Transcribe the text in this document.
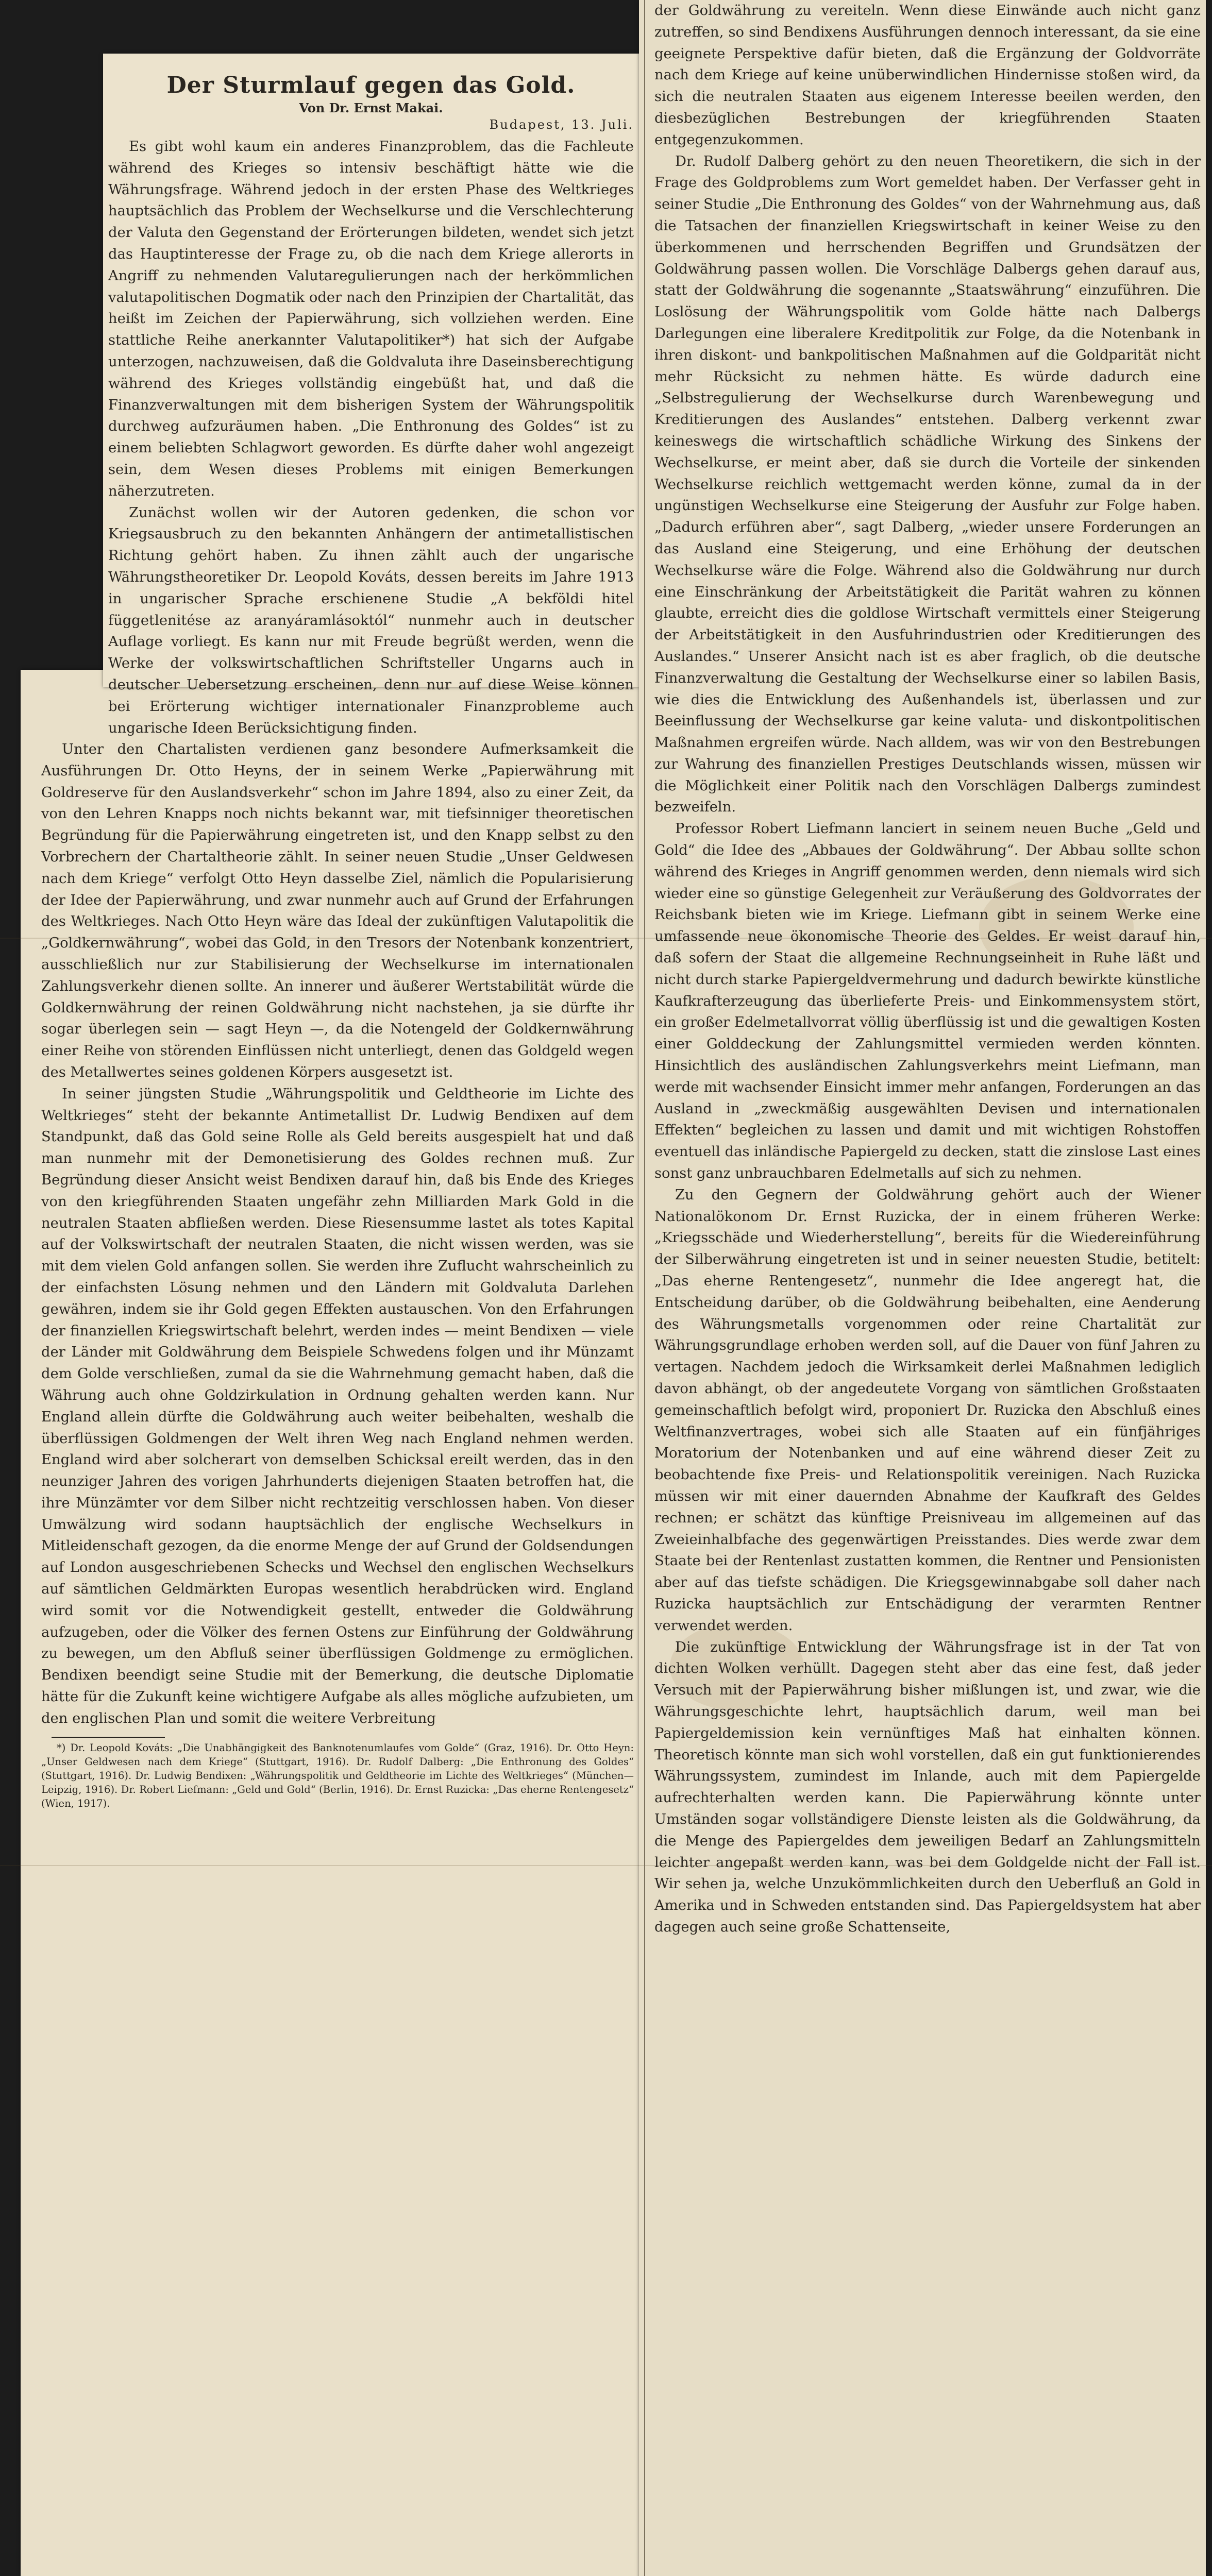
Der Sturmlauf gegen das Gold.
Von Dr. Ernst Makai.
Budapest, 13. Juli.

Es gibt wohl kaum ein anderes Finanzproblem, das die Fachleute während des Krieges so intensiv beschäftigt hätte wie die Währungsfrage. Während jedoch in der ersten Phase des Weltkrieges hauptsächlich das Problem der Wechselkurse und die Verschlechterung der Valuta den Gegenstand der Erörterungen bildeten, wendet sich jetzt das Hauptinteresse der Frage zu, ob die nach dem Kriege allerorts in Angriff zu nehmenden Valutaregulierungen nach der herkömmlichen valutapolitischen Dogmatik oder nach den Prinzipien der Chartalität, das heißt im Zeichen der Papierwährung, sich vollziehen werden. Eine stattliche Reihe anerkannter Valutapolitiker*) hat sich der Aufgabe unterzogen, nachzuweisen, daß die Goldvaluta ihre Daseinsberechtigung während des Krieges vollständig eingebüßt hat, und daß die Finanzverwaltungen mit dem bisherigen System der Währungspolitik durchweg aufzuräumen haben. „Die Enthronung des Goldes“ ist zu einem beliebten Schlagwort geworden. Es dürfte daher wohl angezeigt sein, dem Wesen dieses Problems mit einigen Bemerkungen näherzutreten.

Zunächst wollen wir der Autoren gedenken, die schon vor Kriegsausbruch zu den bekannten Anhängern der antimetallistischen Richtung gehört haben. Zu ihnen zählt auch der ungarische Währungstheoretiker Dr. Leopold Kováts, dessen bereits im Jahre 1913 in ungarischer Sprache erschienene Studie „A bekföldi hitel függetlenitése az aranyáramlásoktól“ nunmehr auch in deutscher Auflage vorliegt. Es kann nur mit Freude begrüßt werden, wenn die Werke der volkswirtschaftlichen Schriftsteller Ungarns auch in deutscher Uebersetzung erscheinen, denn nur auf diese Weise können bei Erörterung wichtiger internationaler Finanzprobleme auch ungarische Ideen Berücksichtigung finden.

Unter den Chartalisten verdienen ganz besondere Aufmerksamkeit die Ausführungen Dr. Otto Heyns, der in seinem Werke „Papierwährung mit Goldreserve für den Auslandsverkehr“ schon im Jahre 1894, also zu einer Zeit, da von den Lehren Knapps noch nichts bekannt war, mit tiefsinniger theoretischen Begründung für die Papierwährung eingetreten ist, und den Knapp selbst zu den Vorbrechern der Chartaltheorie zählt. In seiner neuen Studie „Unser Geldwesen nach dem Kriege“ verfolgt Otto Heyn dasselbe Ziel, nämlich die Popularisierung der Idee der Papierwährung, und zwar nunmehr auch auf Grund der Erfahrungen des Weltkrieges. Nach Otto Heyn wäre das Ideal der zukünftigen Valutapolitik die „Goldkernwährung“, wobei das Gold, in den Tresors der Notenbank konzentriert, ausschließlich nur zur Stabilisierung der Wechselkurse im internationalen Zahlungsverkehr dienen sollte. An innerer und äußerer Wertstabilität würde die Goldkernwährung der reinen Goldwährung nicht nachstehen, ja sie dürfte ihr sogar überlegen sein — sagt Heyn —, da die Notengeld der Goldkernwährung einer Reihe von störenden Einflüssen nicht unterliegt, denen das Goldgeld wegen des Metallwertes seines goldenen Körpers ausgesetzt ist.

In seiner jüngsten Studie „Währungspolitik und Geldtheorie im Lichte des Weltkrieges“ steht der bekannte Antimetallist Dr. Ludwig Bendixen auf dem Standpunkt, daß das Gold seine Rolle als Geld bereits ausgespielt hat und daß man nunmehr mit der Demonetisierung des Goldes rechnen muß. Zur Begründung dieser Ansicht weist Bendixen darauf hin, daß bis Ende des Krieges von den kriegführenden Staaten ungefähr zehn Milliarden Mark Gold in die neutralen Staaten abfließen werden. Diese Riesensumme lastet als totes Kapital auf der Volkswirtschaft der neutralen Staaten, die nicht wissen werden, was sie mit dem vielen Gold anfangen sollen. Sie werden ihre Zuflucht wahrscheinlich zu der einfachsten Lösung nehmen und den Ländern mit Goldvaluta Darlehen gewähren, indem sie ihr Gold gegen Effekten austauschen. Von den Erfahrungen der finanziellen Kriegswirtschaft belehrt, werden indes — meint Bendixen — viele der Länder mit Goldwährung dem Beispiele Schwedens folgen und ihr Münzamt dem Golde verschließen, zumal da sie die Wahrnehmung gemacht haben, daß die Währung auch ohne Goldzirkulation in Ordnung gehalten werden kann. Nur England allein dürfte die Goldwährung auch weiter beibehalten, weshalb die überflüssigen Goldmengen der Welt ihren Weg nach England nehmen werden. England wird aber solcherart von demselben Schicksal ereilt werden, das in den neunziger Jahren des vorigen Jahrhunderts diejenigen Staaten betroffen hat, die ihre Münzämter vor dem Silber nicht rechtzeitig verschlossen haben. Von dieser Umwälzung wird sodann hauptsächlich der englische Wechselkurs in Mitleidenschaft gezogen, da die enorme Menge der auf Grund der Goldsendungen auf London ausgeschriebenen Schecks und Wechsel den englischen Wechselkurs auf sämtlichen Geldmärkten Europas wesentlich herabdrücken wird. England wird somit vor die Notwendigkeit gestellt, entweder die Goldwährung aufzugeben, oder die Völker des fernen Ostens zur Einführung der Goldwährung zu bewegen, um den Abfluß seiner überflüssigen Goldmenge zu ermöglichen. Bendixen beendigt seine Studie mit der Bemerkung, die deutsche Diplomatie hätte für die Zukunft keine wichtigere Aufgabe als alles mögliche aufzubieten, um den englischen Plan und somit die weitere Verbreitung

*) Dr. Leopold Kováts: „Die Unabhängigkeit des Banknotenumlaufes vom Golde“ (Graz, 1916). Dr. Otto Heyn: „Unser Geldwesen nach dem Kriege“ (Stuttgart, 1916). Dr. Rudolf Dalberg: „Die Enthronung des Goldes“ (Stuttgart, 1916). Dr. Ludwig Bendixen: „Währungspolitik und Geldtheorie im Lichte des Weltkrieges“ (München—Leipzig, 1916). Dr. Robert Liefmann: „Geld und Gold“ (Berlin, 1916). Dr. Ernst Ruzicka: „Das eherne Rentengesetz“ (Wien, 1917).

der Goldwährung zu vereiteln. Wenn diese Einwände auch nicht ganz zutreffen, so sind Bendixens Ausführungen dennoch interessant, da sie eine geeignete Perspektive dafür bieten, daß die Ergänzung der Goldvorräte nach dem Kriege auf keine unüberwindlichen Hindernisse stoßen wird, da sich die neutralen Staaten aus eigenem Interesse beeilen werden, den diesbezüglichen Bestrebungen der kriegführenden Staaten entgegenzukommen.

Dr. Rudolf Dalberg gehört zu den neuen Theoretikern, die sich in der Frage des Goldproblems zum Wort gemeldet haben. Der Verfasser geht in seiner Studie „Die Enthronung des Goldes“ von der Wahrnehmung aus, daß die Tatsachen der finanziellen Kriegswirtschaft in keiner Weise zu den überkommenen und herrschenden Begriffen und Grundsätzen der Goldwährung passen wollen. Die Vorschläge Dalbergs gehen darauf aus, statt der Goldwährung die sogenannte „Staatswährung“ einzuführen. Die Loslösung der Währungspolitik vom Golde hätte nach Dalbergs Darlegungen eine liberalere Kreditpolitik zur Folge, da die Notenbank in ihren diskont- und bankpolitischen Maßnahmen auf die Goldparität nicht mehr Rücksicht zu nehmen hätte. Es würde dadurch eine „Selbstregulierung der Wechselkurse durch Warenbewegung und Kreditierungen des Auslandes“ entstehen. Dalberg verkennt zwar keineswegs die wirtschaftlich schädliche Wirkung des Sinkens der Wechselkurse, er meint aber, daß sie durch die Vorteile der sinkenden Wechselkurse reichlich wettgemacht werden könne, zumal da in der ungünstigen Wechselkurse eine Steigerung der Ausfuhr zur Folge haben. „Dadurch erführen aber“, sagt Dalberg, „wieder unsere Forderungen an das Ausland eine Steigerung, und eine Erhöhung der deutschen Wechselkurse wäre die Folge. Während also die Goldwährung nur durch eine Einschränkung der Arbeitstätigkeit die Parität wahren zu können glaubte, erreicht dies die goldlose Wirtschaft vermittels einer Steigerung der Arbeitstätigkeit in den Ausfuhrindustrien oder Kreditierungen des Auslandes.“ Unserer Ansicht nach ist es aber fraglich, ob die deutsche Finanzverwaltung die Gestaltung der Wechselkurse einer so labilen Basis, wie dies die Entwicklung des Außenhandels ist, überlassen und zur Beeinflussung der Wechselkurse gar keine valuta- und diskontpolitischen Maßnahmen ergreifen würde. Nach alldem, was wir von den Bestrebungen zur Wahrung des finanziellen Prestiges Deutschlands wissen, müssen wir die Möglichkeit einer Politik nach den Vorschlägen Dalbergs zumindest bezweifeln.

Professor Robert Liefmann lanciert in seinem neuen Buche „Geld und Gold“ die Idee des „Abbaues der Goldwährung“. Der Abbau sollte schon während des Krieges in Angriff genommen werden, denn niemals wird sich wieder eine so günstige Gelegenheit zur Veräußerung des Goldvorrates der Reichsbank bieten wie im Kriege. Liefmann gibt in seinem Werke eine umfassende neue ökonomische Theorie des Geldes. Er weist darauf hin, daß sofern der Staat die allgemeine Rechnungseinheit in Ruhe läßt und nicht durch starke Papiergeldvermehrung und dadurch bewirkte künstliche Kaufkrafterzeugung das überlieferte Preis- und Einkommensystem stört, ein großer Edelmetallvorrat völlig überflüssig ist und die gewaltigen Kosten einer Golddeckung der Zahlungsmittel vermieden werden könnten. Hinsichtlich des ausländischen Zahlungsverkehrs meint Liefmann, man werde mit wachsender Einsicht immer mehr anfangen, Forderungen an das Ausland in „zweckmäßig ausgewählten Devisen und internationalen Effekten“ begleichen zu lassen und damit und mit wichtigen Rohstoffen eventuell das inländische Papiergeld zu decken, statt die zinslose Last eines sonst ganz unbrauchbaren Edelmetalls auf sich zu nehmen.

Zu den Gegnern der Goldwährung gehört auch der Wiener Nationalökonom Dr. Ernst Ruzicka, der in einem früheren Werke: „Kriegsschäde und Wiederherstellung“, bereits für die Wiedereinführung der Silberwährung eingetreten ist und in seiner neuesten Studie, betitelt: „Das eherne Rentengesetz“, nunmehr die Idee angeregt hat, die Entscheidung darüber, ob die Goldwährung beibehalten, eine Aenderung des Währungsmetalls vorgenommen oder reine Chartalität zur Währungsgrundlage erhoben werden soll, auf die Dauer von fünf Jahren zu vertagen. Nachdem jedoch die Wirksamkeit derlei Maßnahmen lediglich davon abhängt, ob der angedeutete Vorgang von sämtlichen Großstaaten gemeinschaftlich befolgt wird, proponiert Dr. Ruzicka den Abschluß eines Weltfinanzvertrages, wobei sich alle Staaten auf ein fünfjähriges Moratorium der Notenbanken und auf eine während dieser Zeit zu beobachtende fixe Preis- und Relationspolitik vereinigen. Nach Ruzicka müssen wir mit einer dauernden Abnahme der Kaufkraft des Geldes rechnen; er schätzt das künftige Preisniveau im allgemeinen auf das Zweieinhalbfache des gegenwärtigen Preisstandes. Dies werde zwar dem Staate bei der Rentenlast zustatten kommen, die Rentner und Pensionisten aber auf das tiefste schädigen. Die Kriegsgewinnabgabe soll daher nach Ruzicka hauptsächlich zur Entschädigung der verarmten Rentner verwendet werden.

Die zukünftige Entwicklung der Währungsfrage ist in der Tat von dichten Wolken verhüllt. Dagegen steht aber das eine fest, daß jeder Versuch mit der Papierwährung bisher mißlungen ist, und zwar, wie die Währungsgeschichte lehrt, hauptsächlich darum, weil man bei Papiergeldemission kein vernünftiges Maß hat einhalten können. Theoretisch könnte man sich wohl vorstellen, daß ein gut funktionierendes Währungssystem, zumindest im Inlande, auch mit dem Papiergelde aufrechterhalten werden kann. Die Papierwährung könnte unter Umständen sogar vollständigere Dienste leisten als die Goldwährung, da die Menge des Papiergeldes dem jeweiligen Bedarf an Zahlungsmitteln leichter angepaßt werden kann, was bei dem Goldgelde nicht der Fall ist. Wir sehen ja, welche Unzukömmlichkeiten durch den Ueberfluß an Gold in Amerika und in Schweden entstanden sind. Das Papiergeldsystem hat aber dagegen auch seine große Schattenseite,
